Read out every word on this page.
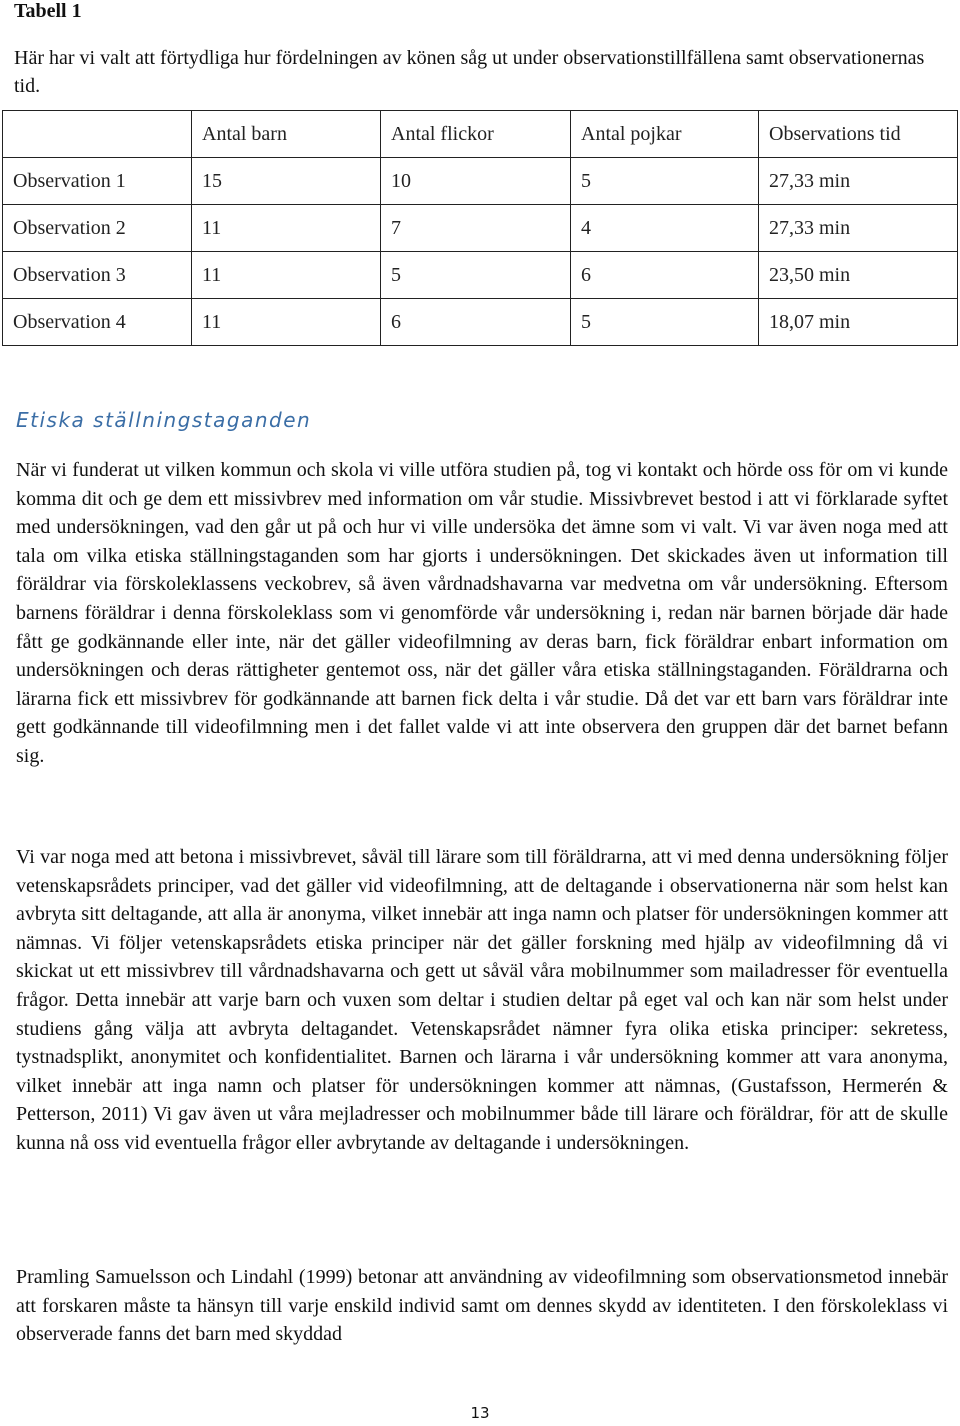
Tabell 1
Här har vi valt att förtydliga hur fördelningen av könen såg ut under observationstillfällena samt observationernas tid.
	Antal barn	Antal flickor	Antal pojkar	Observations tid
Observation 1	15	10	5	27,33 min
Observation 2	11	7	4	27,33 min
Observation 3	11	5	6	23,50 min
Observation 4	11	6	5	18,07 min
Etiska ställningstaganden

När vi funderat ut vilken kommun och skola vi ville utföra studien på, tog vi kontakt och hörde oss för om vi kunde komma dit och ge dem ett missivbrev med information om vår studie. Missivbrevet bestod i att vi förklarade syftet med undersökningen, vad den går ut på och hur vi ville undersöka det ämne som vi valt. Vi var även noga med att tala om vilka etiska ställningstaganden som har gjorts i undersökningen. Det skickades även ut information till föräldrar via förskoleklassens veckobrev, så även vårdnadshavarna var medvetna om vår undersökning. Eftersom barnens föräldrar i denna förskoleklass som vi genomförde vår undersökning i, redan när barnen började där hade fått ge godkännande eller inte, när det gäller videofilmning av deras barn, fick föräldrar enbart information om undersökningen och deras rättigheter gentemot oss, när det gäller våra etiska ställningstaganden. Föräldrarna och lärarna fick ett missivbrev för godkännande att barnen fick delta i vår studie. Då det var ett barn vars föräldrar inte gett godkännande till videofilmning men i det fallet valde vi att inte observera den gruppen där det barnet befann sig.

Vi var noga med att betona i missivbrevet, såväl till lärare som till föräldrarna, att vi med denna undersökning följer vetenskapsrådets principer, vad det gäller vid videofilmning, att de deltagande i observationerna när som helst kan avbryta sitt deltagande, att alla är anonyma, vilket innebär att inga namn och platser för undersökningen kommer att nämnas. Vi följer vetenskapsrådets etiska principer när det gäller forskning med hjälp av videofilmning då vi skickat ut ett missivbrev till vårdnadshavarna och gett ut såväl våra mobilnummer som mailadresser för eventuella frågor. Detta innebär att varje barn och vuxen som deltar i studien deltar på eget val och kan när som helst under studiens gång välja att avbryta deltagandet. Vetenskapsrådet nämner fyra olika etiska principer: sekretess, tystnadsplikt, anonymitet och konfidentialitet. Barnen och lärarna i vår undersökning kommer att vara anonyma, vilket innebär att inga namn och platser för undersökningen kommer att nämnas, (Gustafsson, Hermerén & Petterson, 2011) Vi gav även ut våra mejladresser och mobilnummer både till lärare och föräldrar, för att de skulle kunna nå oss vid eventuella frågor eller avbrytande av deltagande i undersökningen.

Pramling Samuelsson och Lindahl (1999) betonar att användning av videofilmning som observationsmetod innebär att forskaren måste ta hänsyn till varje enskild individ samt om dennes skydd av identiteten. I den förskoleklass vi observerade fanns det barn med skyddad

13
